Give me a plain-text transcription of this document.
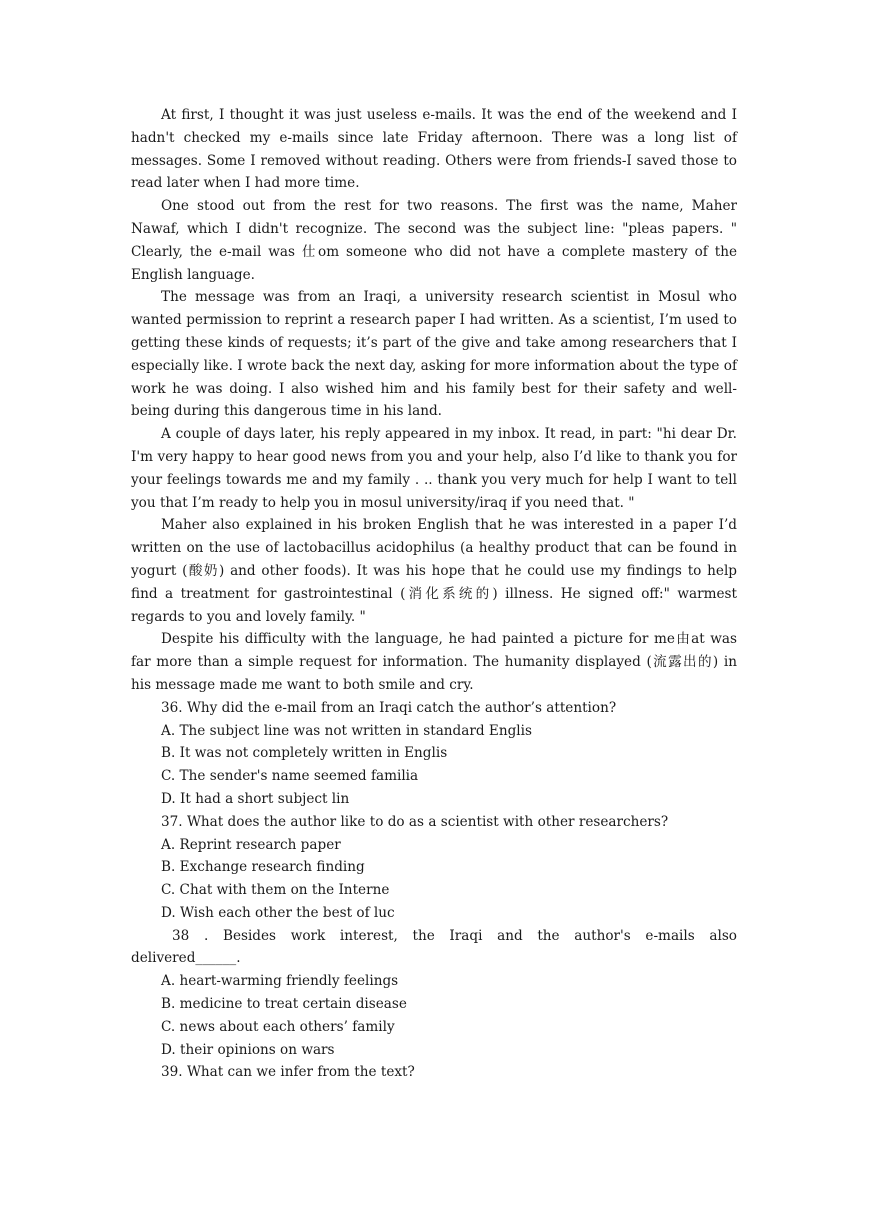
At first, I thought it was just useless e-mails. It was the end of the weekend and I hadn't checked my e-mails since late Friday afternoon. There was a long list of messages. Some I removed without reading. Others were from friends-I saved those to read later when I had more time.

One stood out from the rest for two reasons. The first was the name, Maher Nawaf, which I didn't recognize. The second was the subject line: "pleas papers. " Clearly, the e-mail was 仕om someone who did not have a complete mastery of the English language.

The message was from an Iraqi, a university research scientist in Mosul who wanted permission to reprint a research paper I had written. As a scientist, I’m used to getting these kinds of requests; it’s part of the give and take among researchers that I especially like. I wrote back the next day, asking for more information about the type of work he was doing. I also wished him and his family best for their safety and well-being during this dangerous time in his land.

A couple of days later, his reply appeared in my inbox. It read, in part: "hi dear Dr. I'm very happy to hear good news from you and your help, also I’d like to thank you for your feelings towards me and my family . .. thank you very much for help I want to tell you that I’m ready to help you in mosul university/iraq if you need that. "

Maher also explained in his broken English that he was interested in a paper I’d written on the use of lactobacillus acidophilus (a healthy product that can be found in yogurt (酸奶) and other foods). It was his hope that he could use my findings to help find a treatment for gastrointestinal (消化系统的) illness. He signed off:" warmest regards to you and lovely family. "

Despite his difficulty with the language, he had painted a picture for me由at was far more than a simple request for information. The humanity displayed (流露出的) in his message made me want to both smile and cry.

36. Why did the e-mail from an Iraqi catch the author’s attention?

A. The subject line was not written in standard Englis

B. It was not completely written in Englis

C. The sender's name seemed familia

D. It had a short subject lin

37. What does the author like to do as a scientist with other researchers?

A. Reprint research paper

B. Exchange research finding

C. Chat with them on the Interne

D. Wish each other the best of luc

38 . Besides work interest, the Iraqi and the author's e-mails also delivered______.

A. heart-warming friendly feelings

B. medicine to treat certain disease

C. news about each others’ family

D. their opinions on wars

39. What can we infer from the text?
